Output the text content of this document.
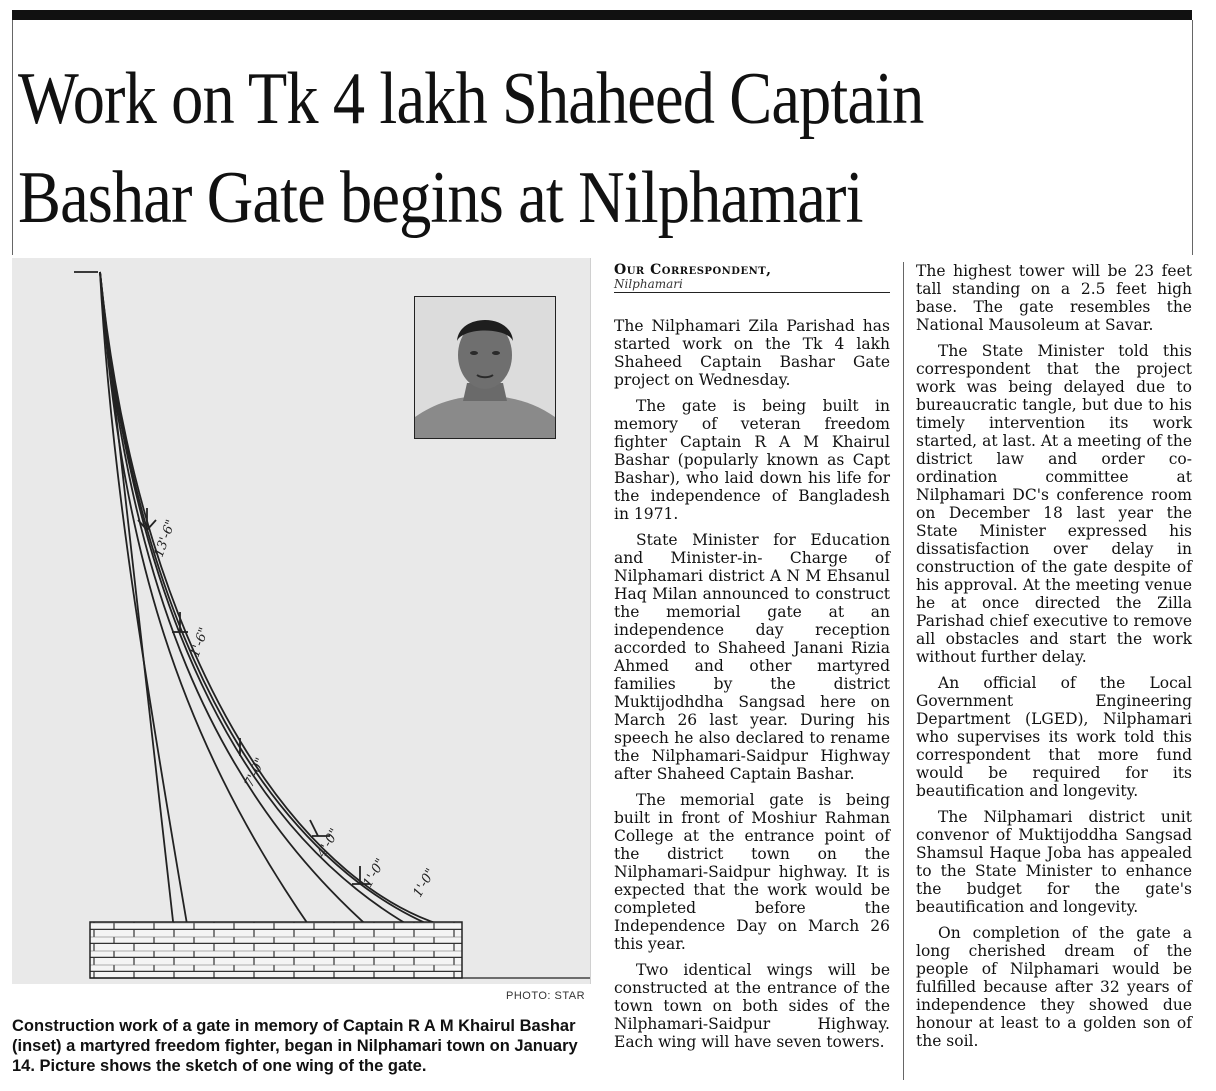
Work on Tk 4 lakh Shaheed Captain
Bashar Gate begins at Nilphamari
13'-6"
1'-6"
7'-0"
4'-0"
1'-0" 1'-0"
PHOTO: STAR
Construction work of a gate in memory of Captain R A M Khairul Bashar (inset) a martyred freedom fighter, began in Nilphamari town on January 14. Picture shows the sketch of one wing of the gate.
Our Correspondent,
Nilphamari

The Nilphamari Zila Parishad has started work on the Tk 4 lakh Shaheed Captain Bashar Gate project on Wednesday.

The gate is being built in memory of veteran freedom fighter Captain R A M Khairul Bashar (popularly known as Capt Bashar), who laid down his life for the independence of Bangladesh in 1971.

State Minister for Education and Minister-in- Charge of Nilphamari district A N M Ehsanul Haq Milan announced to construct the memorial gate at an independence day reception accorded to Shaheed Janani Rizia Ahmed and other martyred families by the district Muktijodhdha Sangsad here on March 26 last year. During his speech he also declared to rename the Nilphamari-Saidpur Highway after Shaheed Captain Bashar.

The memorial gate is being built in front of Moshiur Rahman College at the entrance point of the district town on the Nilphamari-Saidpur highway. It is expected that the work would be completed before the Independence Day on March 26 this year.

Two identical wings will be constructed at the entrance of the town town on both sides of the Nilphamari-Saidpur Highway. Each wing will have seven towers.

The highest tower will be 23 feet tall standing on a 2.5 feet high base. The gate resembles the National Mausoleum at Savar.

The State Minister told this correspondent that the project work was being delayed due to bureaucratic tangle, but due to his timely intervention its work started, at last. At a meeting of the district law and order co-ordination committee at Nilphamari DC's conference room on December 18 last year the State Minister expressed his dissatisfaction over delay in construction of the gate despite of his approval. At the meeting venue he at once directed the Zilla Parishad chief executive to remove all obstacles and start the work without further delay.

An official of the Local Government Engineering Department (LGED), Nilphamari who supervises its work told this correspondent that more fund would be required for its beautification and longevity.

The Nilphamari district unit convenor of Muktijoddha Sangsad Shamsul Haque Joba has appealed to the State Minister to enhance the budget for the gate's beautification and longevity.

On completion of the gate a long cherished dream of the people of Nilphamari would be fulfilled because after 32 years of independence they showed due honour at least to a golden son of the soil.
